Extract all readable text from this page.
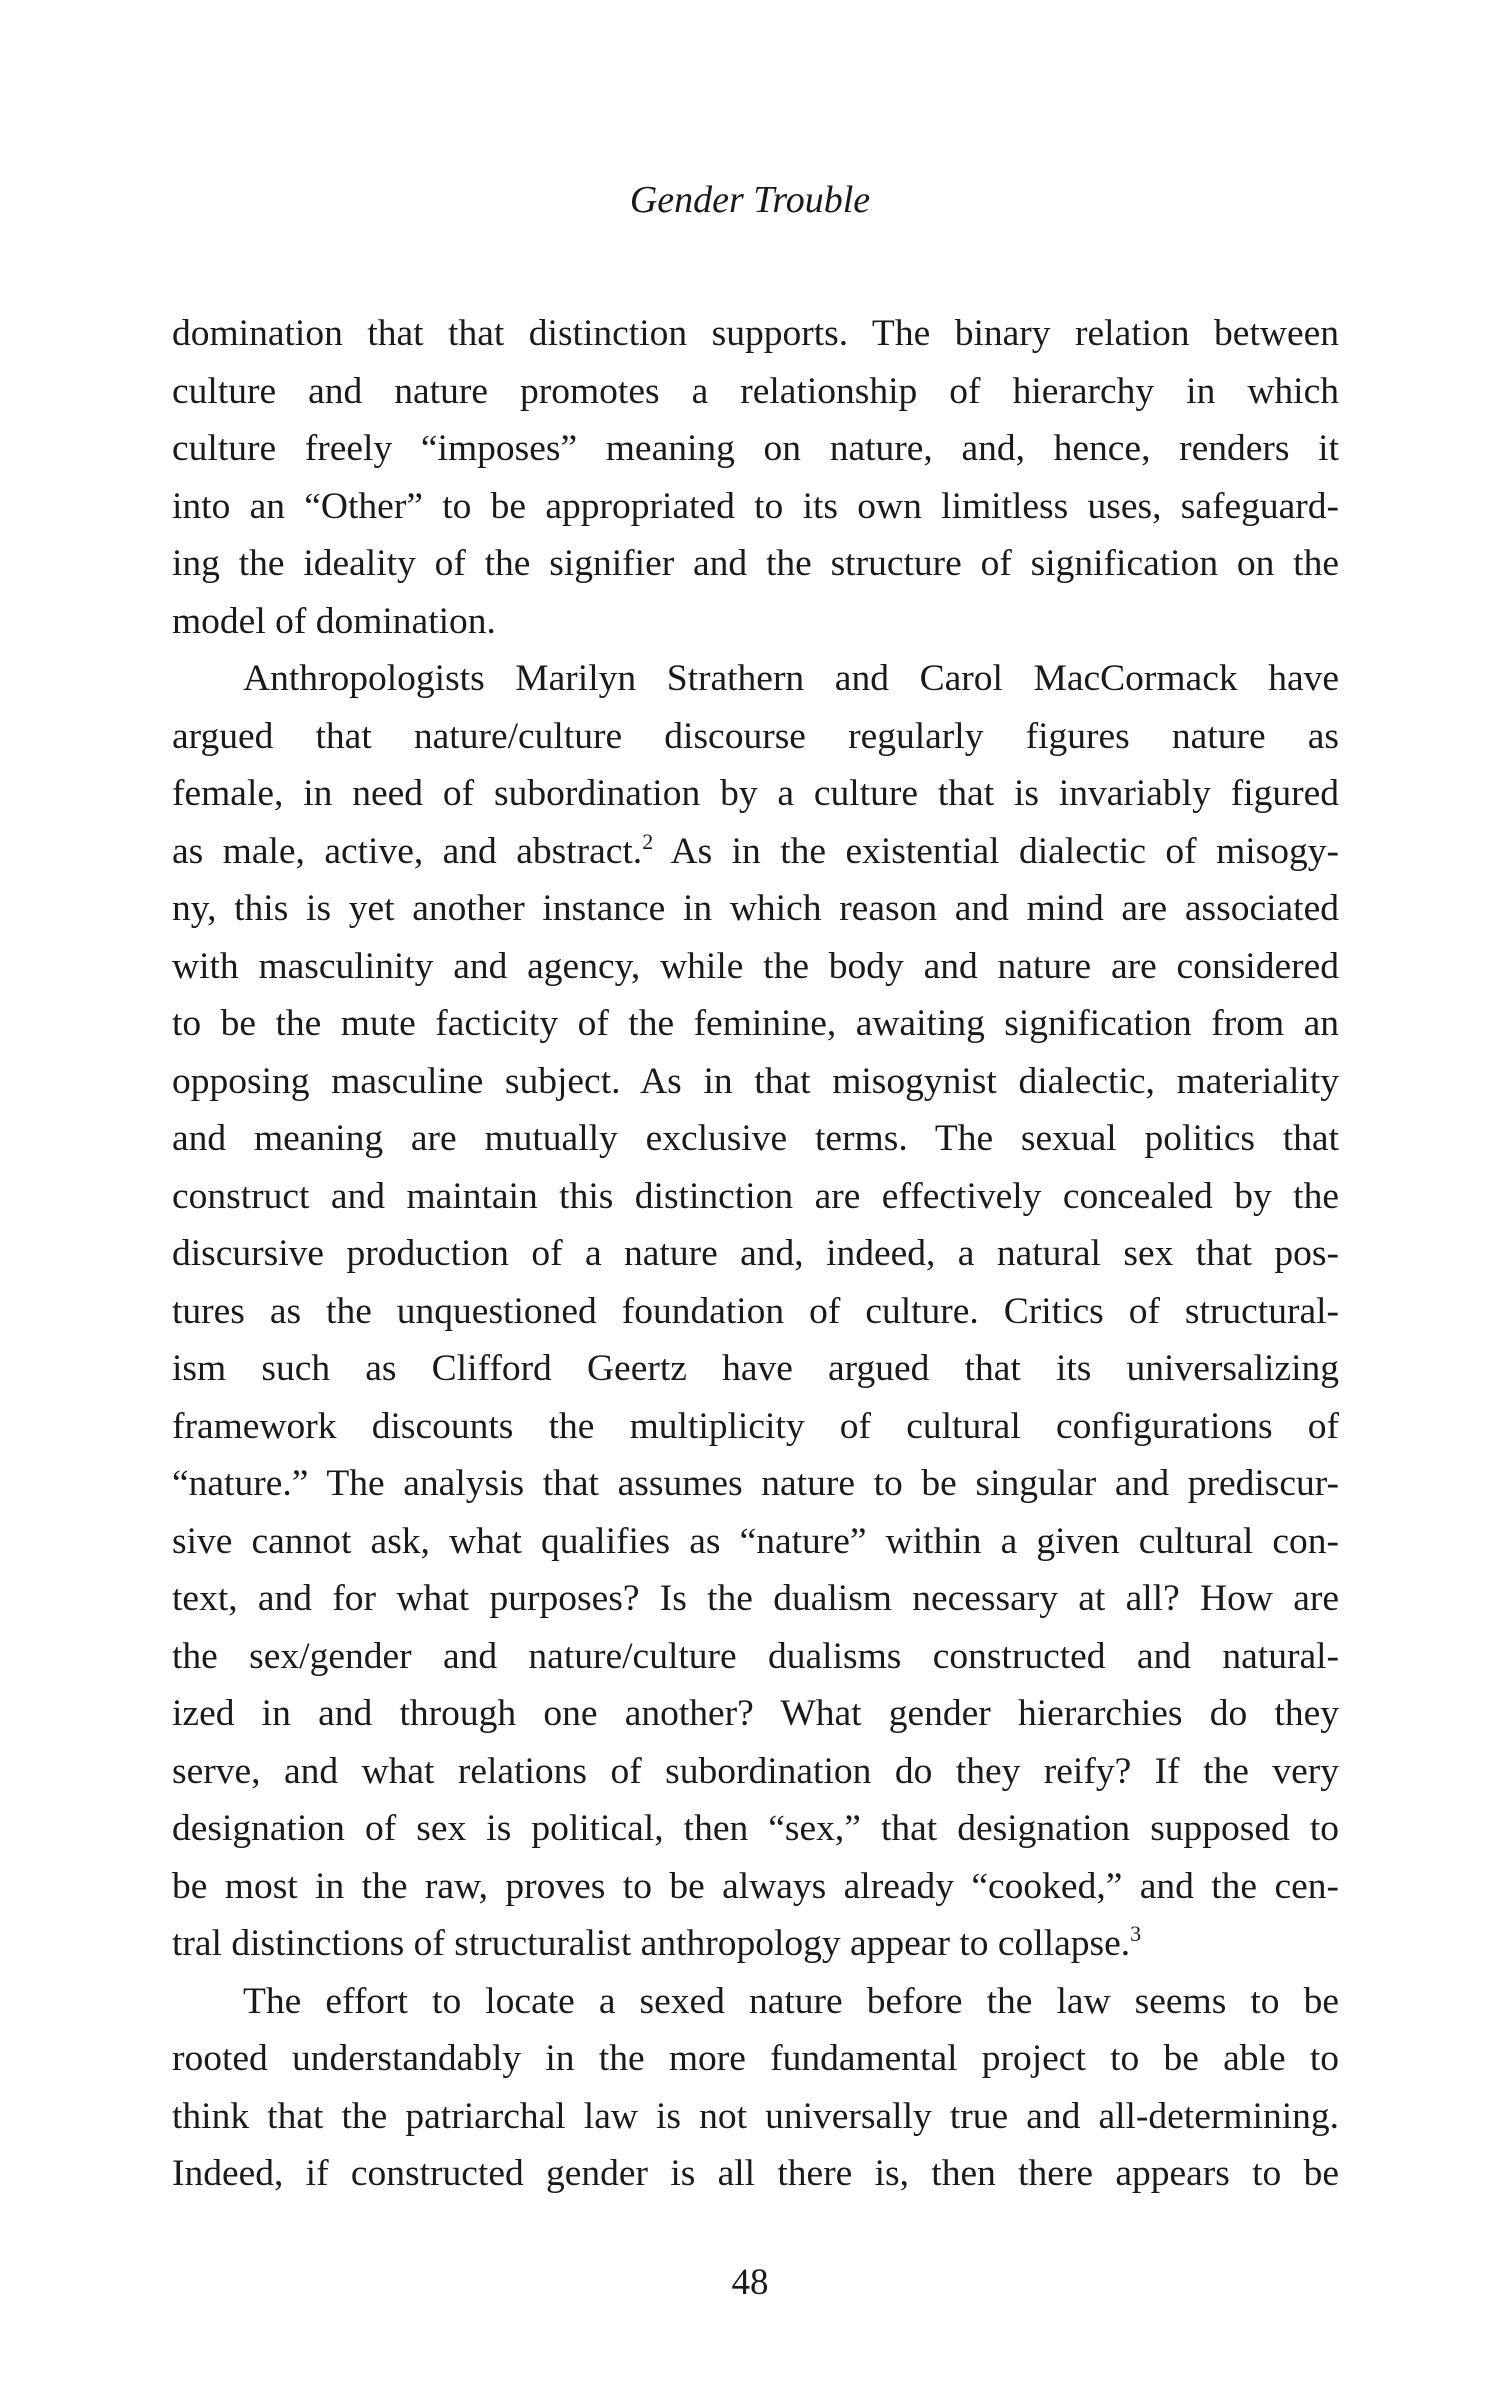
Gender Trouble

domination that that distinction supports. The binary relation between
culture and nature promotes a relationship of hierarchy in which
culture freely “imposes” meaning on nature, and, hence, renders it
into an “Other” to be appropriated to its own limitless uses, safeguard-
ing the ideality of the signifier and the structure of signification on the
model of domination.

Anthropologists Marilyn Strathern and Carol MacCormack have
argued that nature/culture discourse regularly figures nature as
female, in need of subordination by a culture that is invariably figured
as male, active, and abstract.$^2$ As in the existential dialectic of misogy-
ny, this is yet another instance in which reason and mind are associated
with masculinity and agency, while the body and nature are considered
to be the mute facticity of the feminine, awaiting signification from an
opposing masculine subject. As in that misogynist dialectic, materiality
and meaning are mutually exclusive terms. The sexual politics that
construct and maintain this distinction are effectively concealed by the
discursive production of a nature and, indeed, a natural sex that pos-
tures as the unquestioned foundation of culture. Critics of structural-
ism such as Clifford Geertz have argued that its universalizing
framework discounts the multiplicity of cultural configurations of
“nature.” The analysis that assumes nature to be singular and prediscur-
sive cannot ask, what qualifies as “nature” within a given cultural con-
text, and for what purposes? Is the dualism necessary at all? How are
the sex/gender and nature/culture dualisms constructed and natural-
ized in and through one another? What gender hierarchies do they
serve, and what relations of subordination do they reify? If the very
designation of sex is political, then “sex,” that designation supposed to
be most in the raw, proves to be always already “cooked,” and the cen-
tral distinctions of structuralist anthropology appear to collapse.$^3$

The effort to locate a sexed nature before the law seems to be
rooted understandably in the more fundamental project to be able to
think that the patriarchal law is not universally true and all-determining.
Indeed, if constructed gender is all there is, then there appears to be

48
